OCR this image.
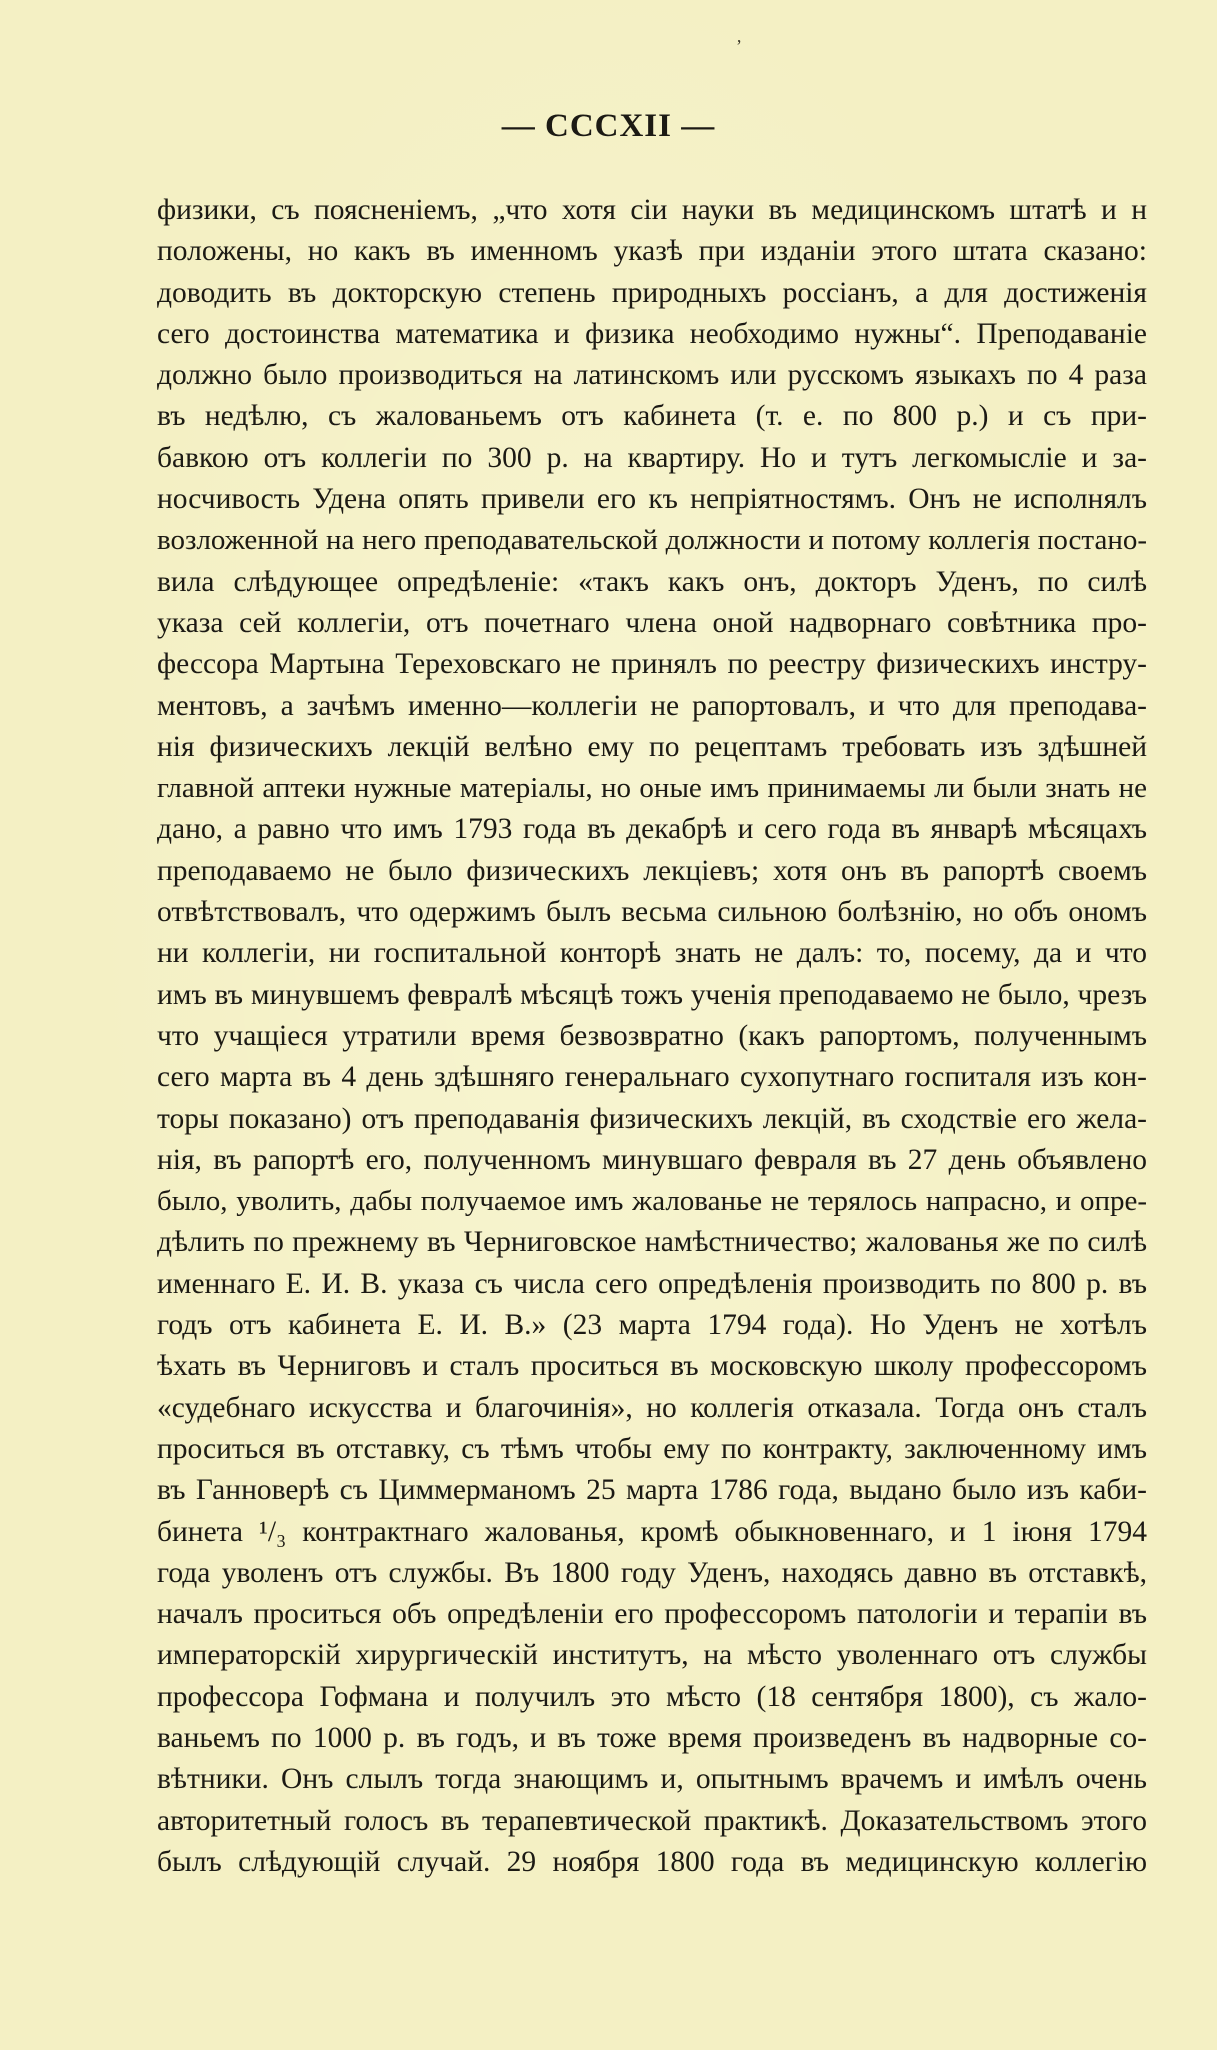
ʼ
— CCCXII —
физики, съ поясненіемъ, „что хотя сіи науки въ медицинскомъ штатѣ и н
положены, но какъ въ именномъ указѣ при изданіи этого штата сказано:
доводить въ докторскую степень природныхъ россіанъ, а для достиженія
сего достоинства математика и физика необходимо нужны“. Преподаваніе
должно было производиться на латинскомъ или русскомъ языкахъ по 4 раза
въ недѣлю, съ жалованьемъ отъ кабинета (т. е. по 800 р.) и съ при-
бавкою отъ коллегіи по 300 р. на квартиру. Но и тутъ легкомысліе и за-
носчивость Удена опять привели его къ непріятностямъ. Онъ не исполнялъ
возложенной на него преподавательской должности и потому коллегія постано-
вила слѣдующее опредѣленіе: «такъ какъ онъ, докторъ Уденъ, по силѣ
указа сей коллегіи, отъ почетнаго члена оной надворнаго совѣтника про-
фессора Мартына Тереховскаго не принялъ по реестру физическихъ инстру-
ментовъ, а зачѣмъ именно—коллегіи не рапортовалъ, и что для преподава-
нія физическихъ лекцій велѣно ему по рецептамъ требовать изъ здѣшней
главной аптеки нужные матеріалы, но оные имъ принимаемы ли были знать не
дано, а равно что имъ 1793 года въ декабрѣ и сего года въ январѣ мѣсяцахъ
преподаваемо не было физическихъ лекціевъ; хотя онъ въ рапортѣ своемъ
отвѣтствовалъ, что одержимъ былъ весьма сильною болѣзнію, но объ ономъ
ни коллегіи, ни госпитальной конторѣ знать не далъ: то, посему, да и что
имъ въ минувшемъ февралѣ мѣсяцѣ тожъ ученія преподаваемо не было, чрезъ
что учащіеся утратили время безвозвратно (какъ рапортомъ, полученнымъ
сего марта въ 4 день здѣшняго генеральнаго сухопутнаго госпиталя изъ кон-
торы показано) отъ преподаванія физическихъ лекцій, въ сходствіе его жела-
нія, въ рапортѣ его, полученномъ минувшаго февраля въ 27 день объявлено
было, уволить, дабы получаемое имъ жалованье не терялось напрасно, и опре-
дѣлить по прежнему въ Черниговское намѣстничество; жалованья же по силѣ
именнаго Е. И. В. указа съ числа сего опредѣленія производить по 800 р. въ
годъ отъ кабинета Е. И. В.» (23 марта 1794 года). Но Уденъ не хотѣлъ
ѣхать въ Черниговъ и сталъ проситься въ московскую школу профессоромъ
«судебнаго искусства и благочинія», но коллегія отказала. Тогда онъ сталъ
проситься въ отставку, съ тѣмъ чтобы ему по контракту, заключенному имъ
въ Ганноверѣ съ Циммерманомъ 25 марта 1786 года, выдано было изъ каби-
бинета ¹/₃ контрактнаго жалованья, кромѣ обыкновеннаго, и 1 іюня 1794
года уволенъ отъ службы. Въ 1800 году Уденъ, находясь давно въ отставкѣ,
началъ проситься объ опредѣленіи его профессоромъ патологіи и терапіи въ
императорскій хирургическій институтъ, на мѣсто уволеннаго отъ службы
профессора Гофмана и получилъ это мѣсто (18 сентября 1800), съ жало-
ваньемъ по 1000 р. въ годъ, и въ тоже время произведенъ въ надворные со-
вѣтники. Онъ слылъ тогда знающимъ и, опытнымъ врачемъ и имѣлъ очень
авторитетный голосъ въ терапевтической практикѣ. Доказательствомъ этого
былъ слѣдующій случай. 29 ноября 1800 года въ медицинскую коллегію
